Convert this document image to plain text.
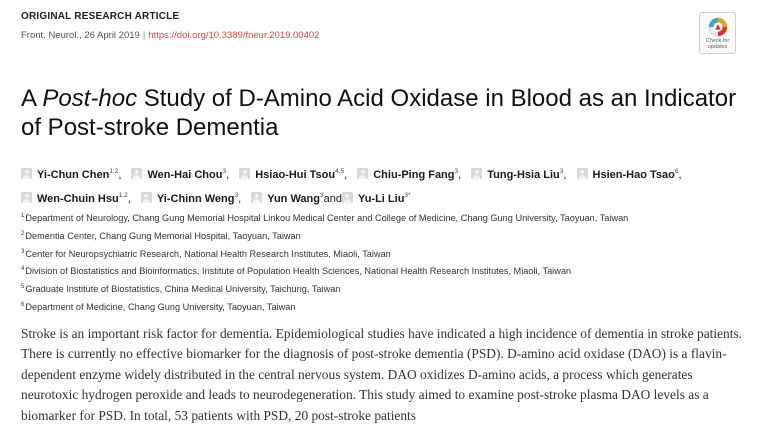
ORIGINAL RESEARCH ARTICLE
Front. Neurol., 26 April 2019 | https://doi.org/10.3389/fneur.2019.00402	Check for updates
A Post-hoc Study of D-Amino Acid Oxidase in Blood as an Indicator of Post-stroke Dementia
Yi-Chun Chen$^{1,2}$, Wen-Hai Chou$^3$, Hsiao-Hui Tsou$^{4,5}$, Chiu-Ping Fang$^3$, Tung-Hsia Liu$^3$, Hsien-Hao Tsao$^6$, Wen-Chuin Hsu$^{1,2}$, Yi-Chinn Weng$^3$, Yun Wang$^3$and Yu-Li Liu$^{3*}$
$^1$Department of Neurology, Chang Gung Memorial Hospital Linkou Medical Center and College of Medicine, Chang Gung University, Taoyuan, Taiwan
$^2$Dementia Center, Chang Gung Memorial Hospital, Taoyuan, Taiwan
$^3$Center for Neuropsychiatric Research, National Health Research Institutes, Miaoli, Taiwan
$^4$Division of Biostatistics and Bioinformatics, Institute of Population Health Sciences, National Health Research Institutes, Miaoli, Taiwan
$^5$Graduate Institute of Biostatistics, China Medical University, Taichung, Taiwan
$^6$Department of Medicine, Chang Gung University, Taoyuan, Taiwan

Stroke is an important risk factor for dementia. Epidemiological studies have indicated a high incidence of dementia in stroke patients. There is currently no effective biomarker for the diagnosis of post-stroke dementia (PSD). D-amino acid oxidase (DAO) is a flavin-dependent enzyme widely distributed in the central nervous system. DAO oxidizes D-amino acids, a process which generates neurotoxic hydrogen peroxide and leads to neurodegeneration. This study aimed to examine post-stroke plasma DAO levels as a biomarker for PSD. In total, 53 patients with PSD, 20 post-stroke patients
